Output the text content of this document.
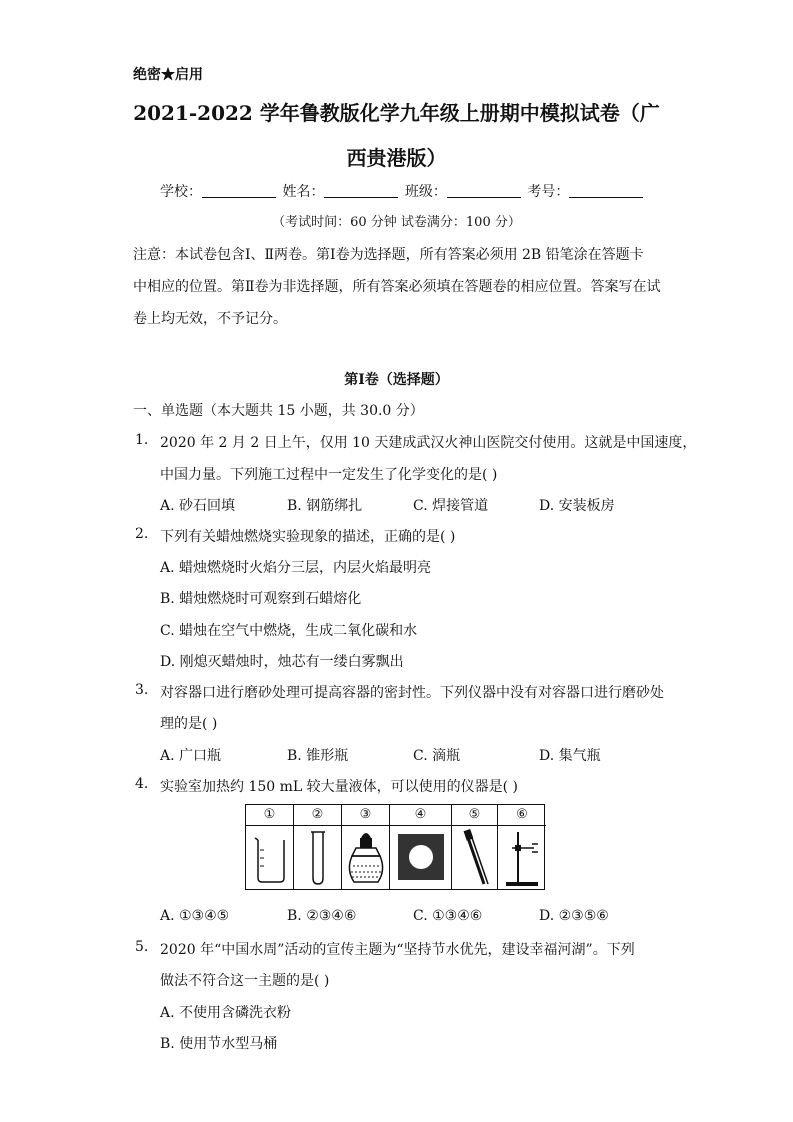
绝密★启用
2021-2022 学年鲁教版化学九年级上册期中模拟试卷（广
西贵港版）
学校：	姓名：	班级：	考号：
（考试时间：60 分钟 试卷满分：100 分）
注意：本试卷包含Ⅰ、Ⅱ两卷。第Ⅰ卷为选择题，所有答案必须用 2B 铅笔涂在答题卡
中相应的位置。第Ⅱ卷为非选择题，所有答案必须填在答题卷的相应位置。答案写在试
卷上均无效，不予记分。
第Ⅰ卷（选择题）
一、单选题（本大题共 15 小题，共 30.0 分）
1. 2020 年 2 月 2 日上午，仅用 10 天建成武汉火神山医院交付使用。这就是中国速度，
中国力量。下列施工过程中一定发生了化学变化的是( )
A. 砂石回填	B. 钢筋绑扎	C. 焊接管道	D. 安装板房
2. 下列有关蜡烛燃烧实验现象的描述，正确的是( )
A. 蜡烛燃烧时火焰分三层，内层火焰最明亮
B. 蜡烛燃烧时可观察到石蜡熔化
C. 蜡烛在空气中燃烧，生成二氧化碳和水
D. 刚熄灭蜡烛时，烛芯有一缕白雾飘出
3. 对容器口进行磨砂处理可提高容器的密封性。下列仪器中没有对容器口进行磨砂处
理的是( )
A. 广口瓶	B. 锥形瓶	C. 滴瓶	D. 集气瓶
4. 实验室加热约 150 mL 较大量液体，可以使用的仪器是( )
①	②	③	④	⑤	⑥
A. ①③④⑤	B. ②③④⑥	C. ①③④⑥	D. ②③⑤⑥
5. 2020 年“中国水周”活动的宣传主题为“坚持节水优先，建设幸福河湖”。下列
做法不符合这一主题的是( )
A. 不使用含磷洗衣粉
B. 使用节水型马桶
